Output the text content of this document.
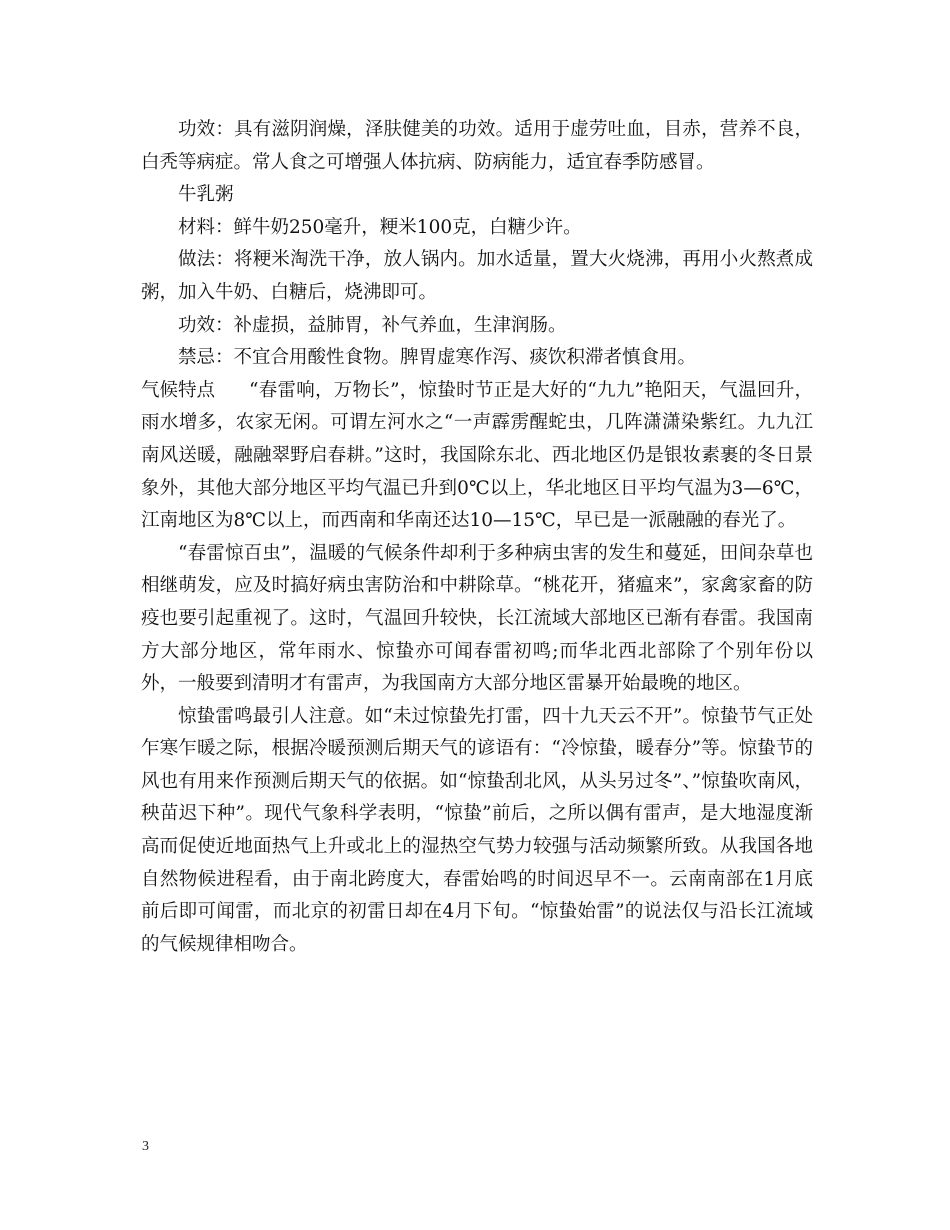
功效：具有滋阴润燥，泽肤健美的功效。适用于虚劳吐血，目赤，营养不良，白秃等病症。常人食之可增强人体抗病、防病能力，适宜春季防感冒。

牛乳粥

材料：鲜牛奶250毫升，粳米100克，白糖少许。

做法：将粳米淘洗干净，放人锅内。加水适量，置大火烧沸，再用小火熬煮成粥，加入牛奶、白糖后，烧沸即可。

功效：补虚损，益肺胃，补气养血，生津润肠。

禁忌：不宜合用酸性食物。脾胃虚寒作泻、痰饮积滞者慎食用。

气候特点 “春雷响，万物长”，惊蛰时节正是大好的“九九”艳阳天，气温回升，雨水增多，农家无闲。可谓左河水之“一声霹雳醒蛇虫，几阵潇潇染紫红。九九江南风送暖，融融翠野启春耕。”这时，我国除东北、西北地区仍是银妆素裹的冬日景象外，其他大部分地区平均气温已升到0℃以上，华北地区日平均气温为3—6℃，江南地区为8℃以上，而西南和华南还达10—15℃，早已是一派融融的春光了。

“春雷惊百虫”，温暖的气候条件却利于多种病虫害的发生和蔓延，田间杂草也相继萌发，应及时搞好病虫害防治和中耕除草。“桃花开，猪瘟来”，家禽家畜的防疫也要引起重视了。这时，气温回升较快，长江流域大部地区已渐有春雷。我国南方大部分地区，常年雨水、惊蛰亦可闻春雷初鸣;而华北西北部除了个别年份以外，一般要到清明才有雷声，为我国南方大部分地区雷暴开始最晚的地区。

惊蛰雷鸣最引人注意。如“未过惊蛰先打雷，四十九天云不开”。惊蛰节气正处乍寒乍暖之际，根据冷暖预测后期天气的谚语有：“冷惊蛰，暖春分”等。惊蛰节的风也有用来作预测后期天气的依据。如“惊蛰刮北风，从头另过冬”、”惊蛰吹南风，秧苗迟下种”。现代气象科学表明，“惊蛰”前后，之所以偶有雷声，是大地湿度渐高而促使近地面热气上升或北上的湿热空气势力较强与活动频繁所致。从我国各地自然物候进程看，由于南北跨度大，春雷始鸣的时间迟早不一。云南南部在1月底前后即可闻雷，而北京的初雷日却在4月下旬。“惊蛰始雷”的说法仅与沿长江流域的气候规律相吻合。

3
